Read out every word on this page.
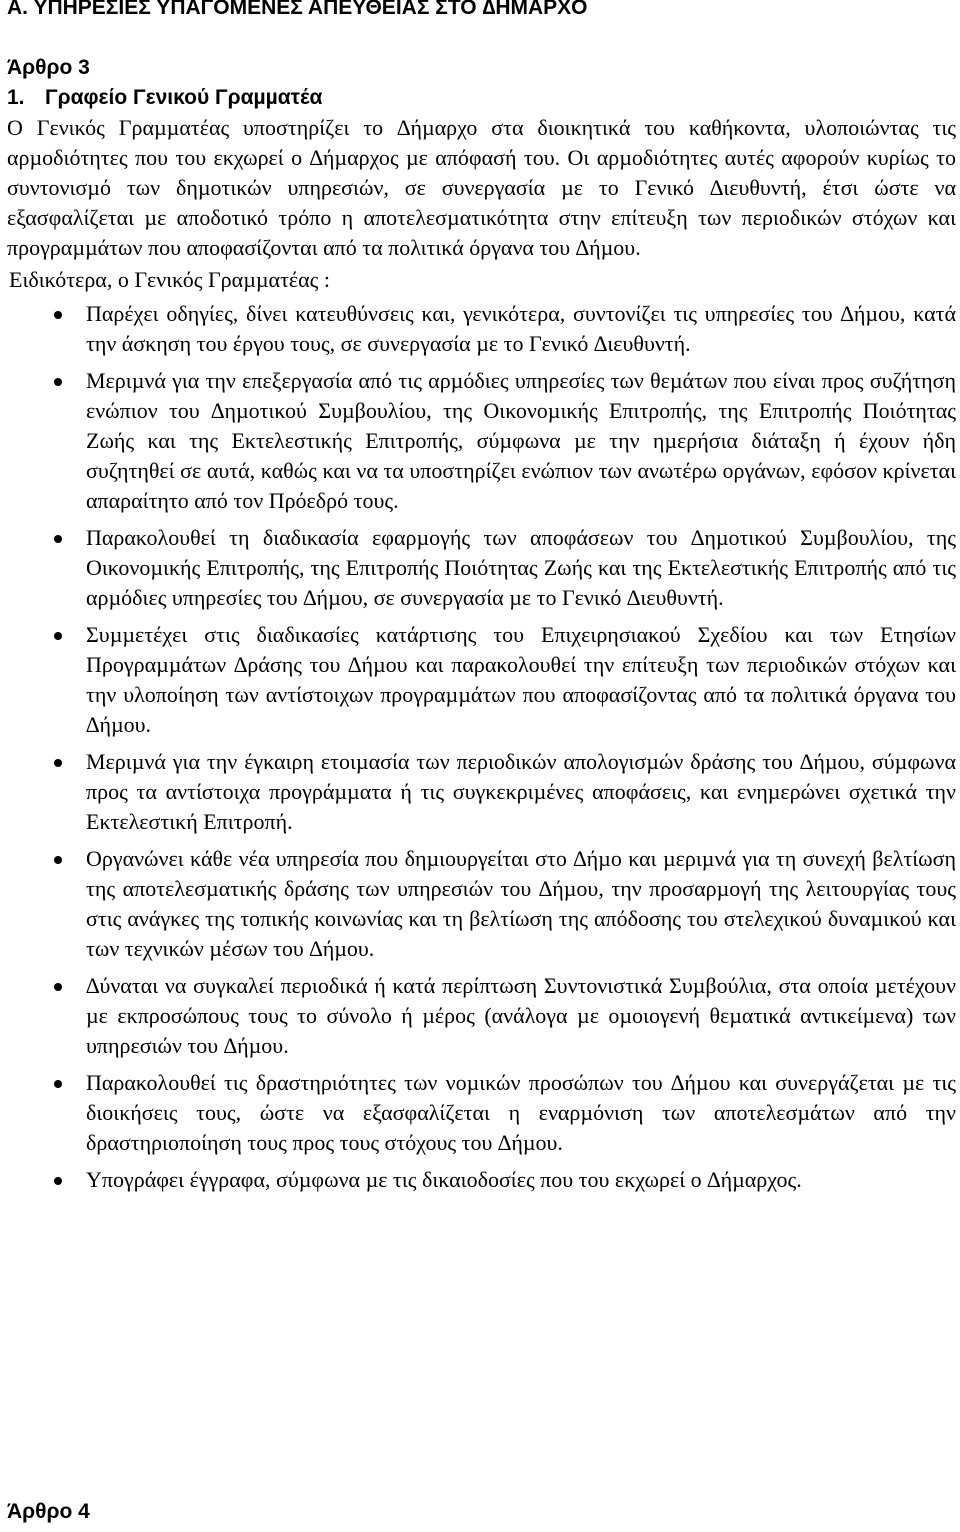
Α. ΥΠΗΡΕΣΙΕΣ ΥΠΑΓΟΜΕΝΕΣ ΑΠΕΥΘΕΙΑΣ ΣΤΟ ∆ΗΜΑΡΧΟ
Άρθρο 3
1. Γραφείο Γενικού Γραµµατέα

Ο Γενικός Γραµµατέας υποστηρίζει το ∆ήµαρχο στα διοικητικά του καθήκοντα, υλοποιώντας τις αρµοδιότητες που του εκχωρεί ο ∆ήµαρχος µε απόφασή του. Οι αρµοδιότητες αυτές αφορούν κυρίως το συντονισµό των δηµοτικών υπηρεσιών, σε συνεργασία µε το Γενικό ∆ιευθυντή, έτσι ώστε να εξασφαλίζεται µε αποδοτικό τρόπο η αποτελεσµατικότητα στην επίτευξη των περιοδικών στόχων και προγραµµάτων που αποφασίζονται από τα πολιτικά όργανα του ∆ήµου.

Ειδικότερα, ο Γενικός Γραµµατέας :

Παρέχει οδηγίες, δίνει κατευθύνσεις και, γενικότερα, συντονίζει τις υπηρεσίες του ∆ήµου, κατά την άσκηση του έργου τους, σε συνεργασία µε το Γενικό ∆ιευθυντή.
Μεριµνά για την επεξεργασία από τις αρµόδιες υπηρεσίες των θεµάτων που είναι προς συζήτηση ενώπιον του ∆ηµοτικού Συµβουλίου, της Οικονοµικής Επιτροπής, της Επιτροπής Ποιότητας Ζωής και της Εκτελεστικής Επιτροπής, σύµφωνα µε την ηµερήσια διάταξη ή έχουν ήδη συζητηθεί σε αυτά, καθώς και να τα υποστηρίζει ενώπιον των ανωτέρω οργάνων, εφόσον κρίνεται απαραίτητο από τον Πρόεδρό τους.
Παρακολουθεί τη διαδικασία εφαρµογής των αποφάσεων του ∆ηµοτικού Συµβουλίου, της Οικονοµικής Επιτροπής, της Επιτροπής Ποιότητας Ζωής και της Εκτελεστικής Επιτροπής από τις αρµόδιες υπηρεσίες του ∆ήµου, σε συνεργασία µε το Γενικό ∆ιευθυντή.
Συµµετέχει στις διαδικασίες κατάρτισης του Επιχειρησιακού Σχεδίου και των Ετησίων Προγραµµάτων ∆ράσης του ∆ήµου και παρακολουθεί την επίτευξη των περιοδικών στόχων και την υλοποίηση των αντίστοιχων προγραµµάτων που αποφασίζοντας από τα πολιτικά όργανα του ∆ήµου.
Μεριµνά για την έγκαιρη ετοιµασία των περιοδικών απολογισµών δράσης του ∆ήµου, σύµφωνα προς τα αντίστοιχα προγράµµατα ή τις συγκεκριµένες αποφάσεις, και ενηµερώνει σχετικά την Εκτελεστική Επιτροπή.
Οργανώνει κάθε νέα υπηρεσία που δηµιουργείται στο ∆ήµο και µεριµνά για τη συνεχή βελτίωση της αποτελεσµατικής δράσης των υπηρεσιών του ∆ήµου, την προσαρµογή της λειτουργίας τους στις ανάγκες της τοπικής κοινωνίας και τη βελτίωση της απόδοσης του στελεχικού δυναµικού και των τεχνικών µέσων του ∆ήµου.
∆ύναται να συγκαλεί περιοδικά ή κατά περίπτωση Συντονιστικά Συµβούλια, στα οποία µετέχουν µε εκπροσώπους τους το σύνολο ή µέρος (ανάλογα µε οµοιογενή θεµατικά αντικείµενα) των υπηρεσιών του ∆ήµου.
Παρακολουθεί τις δραστηριότητες των νοµικών προσώπων του ∆ήµου και συνεργάζεται µε τις διοικήσεις τους, ώστε να εξασφαλίζεται η εναρµόνιση των αποτελεσµάτων από την δραστηριοποίηση τους προς τους στόχους του ∆ήµου.
Υπογράφει έγγραφα, σύµφωνα µε τις δικαιοδοσίες που του εκχωρεί ο ∆ήµαρχος.
Άρθρο 4
